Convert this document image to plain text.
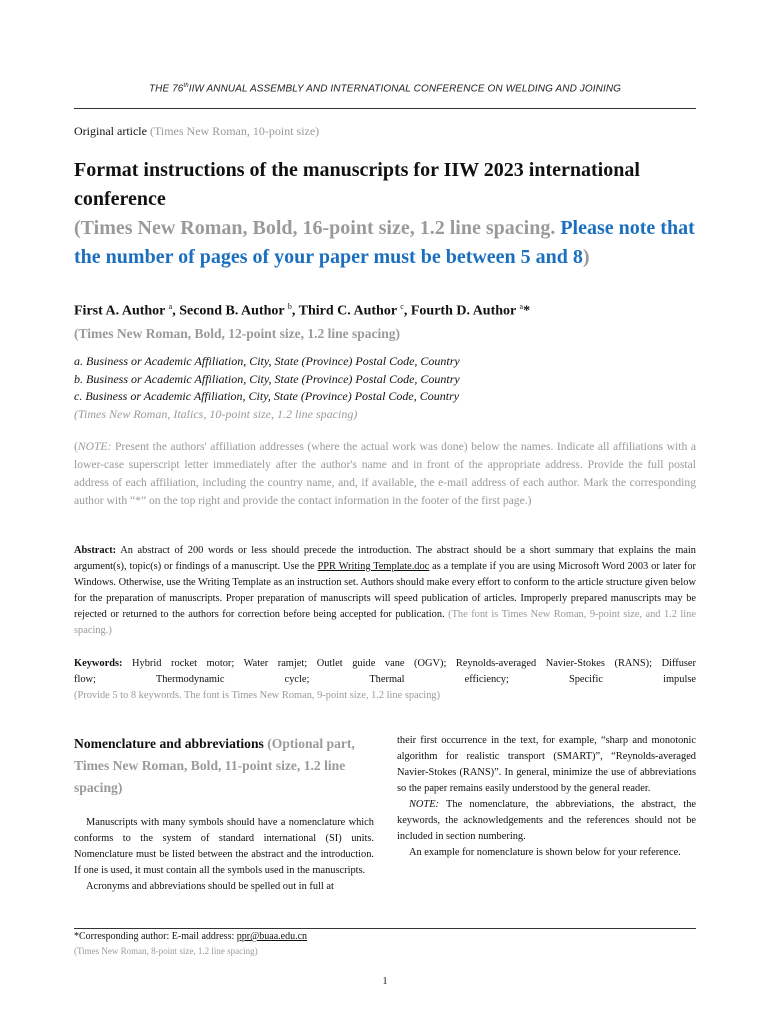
THE 76thIIW ANNUAL ASSEMBLY AND INTERNATIONAL CONFERENCE ON WELDING AND JOINING
Original article (Times New Roman, 10-point size)
Format instructions of the manuscripts for IIW 2023 international conference
(Times New Roman, Bold, 16-point size, 1.2 line spacing. Please note that the number of pages of your paper must be between 5 and 8)
First A. Author $^a$, Second B. Author $^b$, Third C. Author $^c$, Fourth D. Author $^a$*
(Times New Roman, Bold, 12-point size, 1.2 line spacing)
a. Business or Academic Affiliation, City, State (Province) Postal Code, Country
b. Business or Academic Affiliation, City, State (Province) Postal Code, Country
c. Business or Academic Affiliation, City, State (Province) Postal Code, Country
(Times New Roman, Italics, 10-point size, 1.2 line spacing)
(NOTE: Present the authors' affiliation addresses (where the actual work was done) below the names. Indicate all affiliations with a lower-case superscript letter immediately after the author's name and in front of the appropriate address. Provide the full postal address of each affiliation, including the country name, and, if available, the e-mail address of each author. Mark the corresponding author with “*” on the top right and provide the contact information in the footer of the first page.)
Abstract: An abstract of 200 words or less should precede the introduction. The abstract should be a short summary that explains the main argument(s), topic(s) or findings of a manuscript. Use the PPR Writing Template.doc as a template if you are using Microsoft Word 2003 or later for Windows. Otherwise, use the Writing Template as an instruction set. Authors should make every effort to conform to the article structure given below for the preparation of manuscripts. Proper preparation of manuscripts will speed publication of articles. Improperly prepared manuscripts may be rejected or returned to the authors for correction before being accepted for publication. (The font is Times New Roman, 9-point size, and 1.2 line spacing.)
Keywords: Hybrid rocket motor; Water ramjet; Outlet guide vane (OGV); Reynolds-averaged Navier-Stokes (RANS); Diffuser
flow; Thermodynamic cycle; Thermal efficiency; Specific impulse
(Provide 5 to 8 keywords. The font is Times New Roman, 9-point size, 1.2 line spacing)
Nomenclature and abbreviations (Optional part, Times New Roman, Bold, 11-point size, 1.2 line spacing)

Manuscripts with many symbols should have a nomenclature which conforms to the system of standard international (SI) units. Nomenclature must be listed between the abstract and the introduction. If one is used, it must contain all the symbols used in the manuscripts.

Acronyms and abbreviations should be spelled out in full at

their first occurrence in the text, for example, “sharp and monotonic algorithm for realistic transport (SMART)”, “Reynolds-averaged Navier-Stokes (RANS)”. In general, minimize the use of abbreviations so the paper remains easily understood by the general reader.

NOTE: The nomenclature, the abbreviations, the abstract, the keywords, the acknowledgements and the references should not be included in section numbering.

An example for nomenclature is shown below for your reference.

*Corresponding author: E-mail address: ppr@buaa.edu.cn
(Times New Roman, 8-point size, 1.2 line spacing)
1
